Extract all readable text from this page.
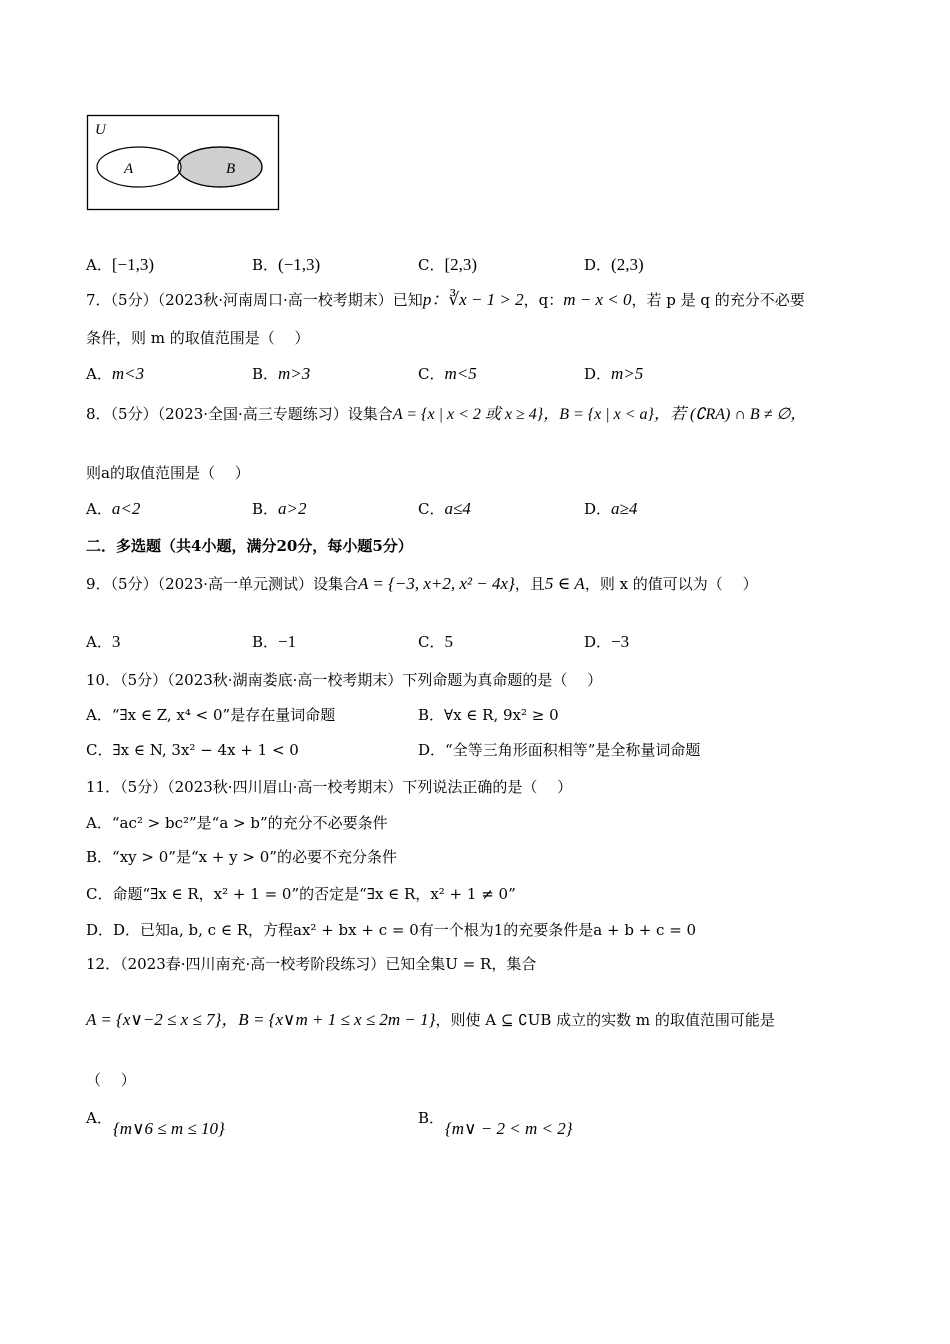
U
A	B
A．[−1,3)	B．(−1,3)	C．[2,3)	D．(2,3)
7．（5分）（2023秋·河南周口·高一校考期末）已知p：∛x − 1 > 2，q：m − x < 0，若 p 是 q 的充分不必要
条件，则 m 的取值范围是（　 ）
A．m<3	B．m>3	C．m<5	D．m>5
8．（5分）（2023·全国·高三专题练习）设集合A = {x | x < 2 或 x ≥ 4}，B = {x | x < a}，若 (∁RA) ∩ B ≠ ∅，
则a的取值范围是（　 ）
A．a<2	B．a>2	C．a≤4	D．a≥4
二．多选题（共4小题，满分20分，每小题5分）
9．（5分）（2023·高一单元测试）设集合A = {−3, x+2, x² − 4x}，且5 ∈ A，则 x 的值可以为（　 ）
A．3	B．−1	C．5	D．−3
10．（5分）（2023秋·湖南娄底·高一校考期末）下列命题为真命题的是（　 ）
A．“∃x ∈ Z, x⁴ < 0”是存在量词命题	B．∀x ∈ R, 9x² ≥ 0
C．∃x ∈ N, 3x² − 4x + 1 < 0	D．“全等三角形面积相等”是全称量词命题
11．（5分）（2023秋·四川眉山·高一校考期末）下列说法正确的是（　 ）
A．“ac² > bc²”是“a > b”的充分不必要条件
B．“xy > 0”是“x + y > 0”的必要不充分条件
C．命题“∃x ∈ R，x² + 1 = 0”的否定是“∃x ∈ R，x² + 1 ≠ 0”
D．D．已知a, b, c ∈ R，方程ax² + bx + c = 0有一个根为1的充要条件是a + b + c = 0
12．（2023春·四川南充·高一校考阶段练习）已知全集U = R，集合
A = {x∨−2 ≤ x ≤ 7}，B = {x∨m + 1 ≤ x ≤ 2m − 1}，则使 A ⊆ ∁UB 成立的实数 m 的取值范围可能是
（　 ）
A．
{m∨6 ≤ m ≤ 10}
B．
{m∨ − 2 < m < 2}
